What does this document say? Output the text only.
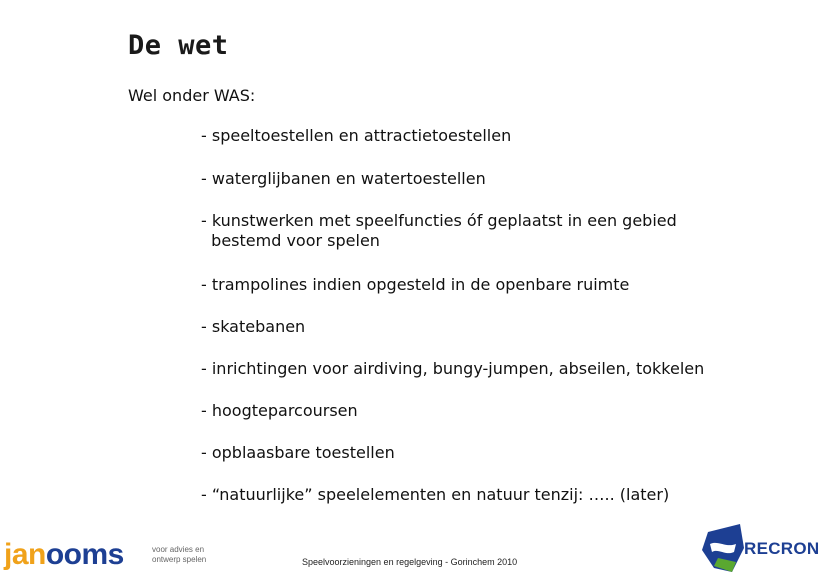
De wet
Wel onder WAS:
- speeltoestellen en attractietoestellen
- waterglijbanen en watertoestellen
- kunstwerken met speelfuncties óf geplaatst in een gebied
bestemd voor spelen
- trampolines indien opgesteld in de openbare ruimte
- skatebanen
- inrichtingen voor airdiving, bungy-jumpen, abseilen, tokkelen
- hoogteparcoursen
- opblaasbare toestellen
- “natuurlijke” speelelementen en natuur tenzij: ….. (later)
janooms	voor advies en
ontwerp spelen	Speelvoorzieningen en regelgeving - Gorinchem 2010
RECRON
